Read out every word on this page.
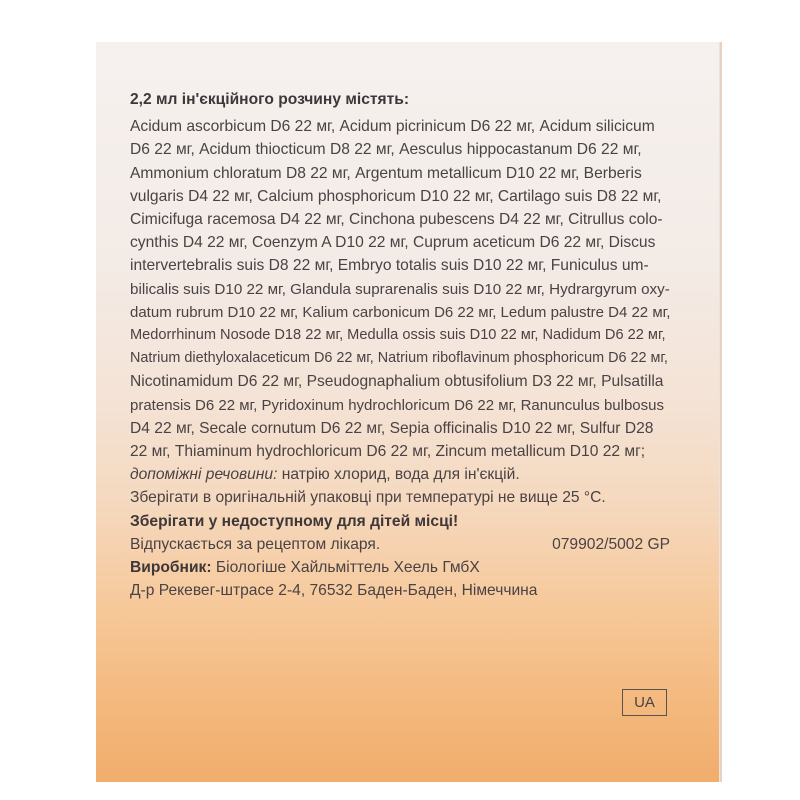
2,2 мл ін'єкційного розчину містять:
Acidum ascorbicum D6 22 мг, Acidum picrinicum D6 22 мг, Acidum silicicum
D6 22 мг, Acidum thiocticum D8 22 мг, Aesculus hippocastanum D6 22 мг,
Ammonium chloratum D8 22 мг, Argentum metallicum D10 22 мг, Berberis
vulgaris D4 22 мг, Calcium phosphoricum D10 22 мг, Cartilago suis D8 22 мг,
Cimicifuga racemosa D4 22 мг, Cinchona pubescens D4 22 мг, Citrullus colo-
cynthis D4 22 мг, Coenzym A D10 22 мг, Cuprum aceticum D6 22 мг, Discus
intervertebralis suis D8 22 мг, Embryo totalis suis D10 22 мг, Funiculus um-
bilicalis suis D10 22 мг, Glandula suprarenalis suis D10 22 мг, Hydrargyrum oxy-
datum rubrum D10 22 мг, Kalium carbonicum D6 22 мг, Ledum palustre D4 22 мг,
Medorrhinum Nosode D18 22 мг, Medulla ossis suis D10 22 мг, Nadidum D6 22 мг,
Natrium diethyloxalaceticum D6 22 мг, Natrium riboflavinum phosphoricum D6 22 мг,
Nicotinamidum D6 22 мг, Pseudognaphalium obtusifolium D3 22 мг, Pulsatilla
pratensis D6 22 мг, Pyridoxinum hydrochloricum D6 22 мг, Ranunculus bulbosus
D4 22 мг, Secale cornutum D6 22 мг, Sepia officinalis D10 22 мг, Sulfur D28
22 мг, Thiaminum hydrochloricum D6 22 мг, Zincum metallicum D10 22 мг;
допоміжні речовини: натрію хлорид, вода для ін'єкцій.
Зберігати в оригінальній упаковці при температурі не вище 25 °С.
Зберігати у недоступному для дітей місці!
Відпускається за рецептом лікаря.	079902/5002 GP
Виробник: Біологіше Хайльміттель Хеель ГмбХ
Д-р Рекевег-штрасе 2-4, 76532 Баден-Баден, Німеччина
UA
